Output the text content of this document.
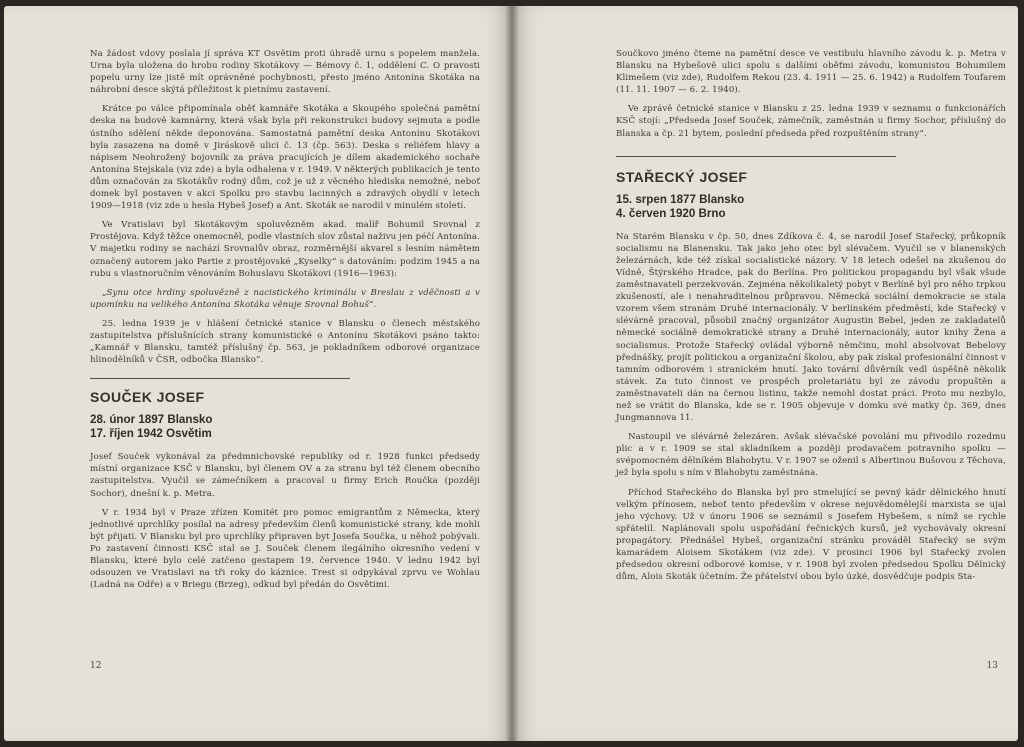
Na žádost vdovy poslala jí správa KT Osvětim proti úhradě urnu s popelem manžela. Urna byla uložena do hrobu rodiny Skotákovy — Bémovy č. 1, oddělení C. O pravosti popelu urny lze jistě mít oprávněné pochybnosti, přesto jméno Antonína Skotáka na náhrobní desce skýtá příležitost k pietnímu zastavení.

Krátce po válce připomínala oběť kamnáře Skotáka a Skoupého společná pamětní deska na budově kamnárny, která však byla při rekonstrukci budovy sejmuta a podle ústního sdělení někde deponována. Samostatná pamětní deska Antonínu Skotákovi byla zasazena na domě v Jiráskově ulici č. 13 (čp. 563). Deska s reliéfem hlavy a nápisem Neohrožený bojovník za práva pracujících je dílem akademického sochaře Antonína Stejskala (viz zde) a byla odhalena v r. 1949. V některých publikacích je tento dům označován za Skotákův rodný dům, což je už z věcného hlediska nemožné, neboť domek byl postaven v akci Spolku pro stavbu lacinných a zdravých obydlí v letech 1909—1918 (viz zde u hesla Hybeš Josef) a Ant. Skoták se narodil v minulém století.

Ve Vratislavi byl Skotákovým spoluvězněm akad. malíř Bohumil Srovnal z Prostějova. Když těžce onemocněl, podle vlastních slov zůstal naživu jen péčí Antonína. V majetku rodiny se nachází Srovnalův obraz, rozměrnější akvarel s lesním námětem označený autorem jako Partie z prostějovské „Kyselky“ s datováním: podzim 1945 a na rubu s vlastnoručním věnováním Bohuslavu Skotákovi (1916—1963):

„Synu otce hrdiny spoluvězně z nacistického kriminálu v Breslau z vděčnosti a v upomínku na velikého Antonína Skotáka věnuje Srovnal Bohuš“.

25. ledna 1939 je v hlášení četnické stanice v Blansku o členech městského zastupitelstva příslušnících strany komunistické o Antonínu Skotákovi psáno takto: „Kamnář v Blansku, tamtéž příslušný čp. 563, je pokladníkem odborové organizace hlinodělníků v ČSR, odbočka Blansko“.

SOUČEK JOSEF
28. únor 1897 Blansko
17. říjen 1942 Osvětim

Josef Souček vykonával za předmnichovské republiky od r. 1928 funkci předsedy místní organizace KSČ v Blansku, byl členem OV a za stranu byl též členem obecního zastupitelstva. Vyučil se zámečníkem a pracoval u firmy Erich Roučka (později Sochor), dnešní k. p. Metra.

V r. 1934 byl v Praze zřízen Komitét pro pomoc emigrantům z Německa, který jednotlivé uprchlíky posílal na adresy především členů komunistické strany, kde mohli být přijati. V Blansku byl pro uprchlíky připraven byt Josefa Součka, u něhož pobývali. Po zastavení činnosti KSČ stal se J. Souček členem ilegálního okresního vedení v Blansku, které bylo celé zatčeno gestapem 19. července 1940. V lednu 1942 byl odsouzen ve Vratislavi na tři roky do káznice. Trest si odpykával zprvu ve Wohlau (Ladná na Odře) a v Briegu (Brzeg), odkud byl předán do Osvětimi.

12

Součkovo jméno čteme na pamětní desce ve vestibulu hlavního závodu k. p. Metra v Blansku na Hybešově ulici spolu s dalšími oběťmi závodu, komunistou Bohumilem Klimešem (viz zde), Rudolfem Rekou (23. 4. 1911 — 25. 6. 1942) a Rudolfem Toufarem (11. 11. 1907 — 6. 2. 1940).

Ve zprávě četnické stanice v Blansku z 25. ledna 1939 v seznamu o funkcionářích KSČ stojí: „Předseda Josef Souček, zámečník, zaměstnán u firmy Sochor, příslušný do Blanska a čp. 21 bytem, poslední předseda před rozpuštěním strany“.

STAŘECKÝ JOSEF
15. srpen 1877 Blansko
4. červen 1920 Brno

Na Starém Blansku v čp. 50, dnes Zdíkova č. 4, se narodil Josef Stařecký, průkopník socialismu na Blanensku. Tak jako jeho otec byl slévačem. Vyučil se v blanenských železárnách, kde též získal socialistické názory. V 18 letech odešel na zkušenou do Vídně, Štýrského Hradce, pak do Berlína. Pro politickou propagandu byl však všude zaměstnavateli perzekvován. Zejména několikaletý pobyt v Berlíně byl pro něho trpkou zkušeností, ale i nenahraditelnou průpravou. Německá sociální demokracie se stala vzorem všem stranám Druhé internacionály. V berlínském předměstí, kde Stařecký v slévárně pracoval, působil značný organizátor Augustin Bebel, jeden ze zakladatelů německé sociálně demokratické strany a Druhé internacionály, autor knihy Žena a socialismus. Protože Stařecký ovládal výborně němčinu, mohl absolvovat Bebelovy přednášky, projít politickou a organizační školou, aby pak získal profesionální činnost v tamním odborovém i stranickém hnutí. Jako tovární důvěrník vedl úspěšně několik stávek. Za tuto činnost ve prospěch proletariátu byl ze závodu propuštěn a zaměstnavateli dán na černou listinu, takže nemohl dostat práci. Proto mu nezbylo, než se vrátit do Blanska, kde se r. 1905 objevuje v domku své matky čp. 369, dnes Jungmannova 11.

Nastoupil ve slévárně železáren. Avšak slévačské povolání mu přivodilo rozedmu plic a v r. 1909 se stal skladníkem a později prodavačem potravního spolku — svépomocném dělníkém Blahobytu. V r. 1907 se oženil s Albertinou Bušovou z Těchova, jež byla spolu s ním v Blahobytu zaměstnána.

Příchod Stařeckého do Blanska byl pro stmelující se pevný kádr dělnického hnutí velkým přínosem, neboť tento především v okrese nejuvědomělejší marxista se ujal jeho výchovy. Už v únoru 1906 se seznámil s Josefem Hybešem, s nímž se rychle spřátelil. Naplánovali spolu uspořádání řečnických kursů, jež vychovávaly okresní propagátory. Přednášel Hybeš, organizační stránku prováděl Stařecký se svým kamarádem Aloisem Skotákem (viz zde). V prosinci 1906 byl Stařecký zvolen předsedou okresní odborové komise, v r. 1908 byl zvolen předsedou Spolku Dělnický dům, Alois Skoták účetním. Že přátelství obou bylo úzké, dosvědčuje podpis Sta-

13
